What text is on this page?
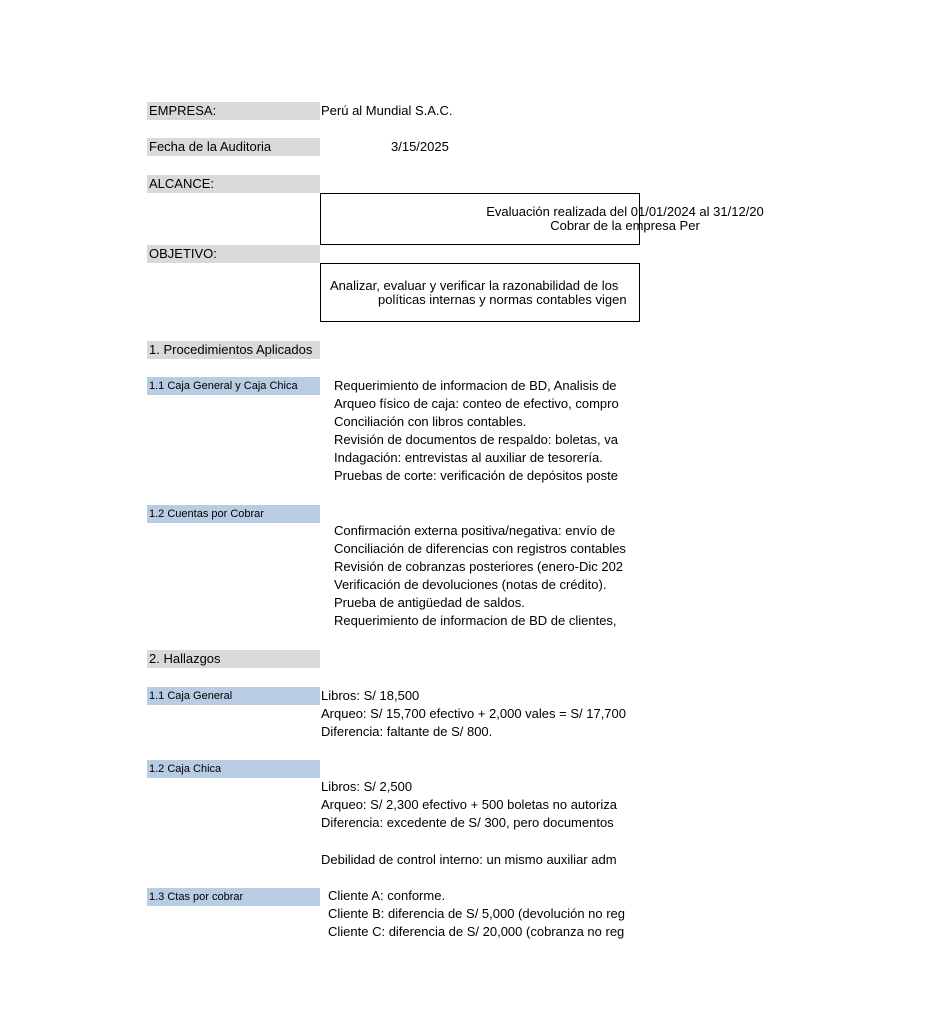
EMPRESA:	Perú al Mundial S.A.C.
Fecha de la Auditoria	3/15/2025
ALCANCE:
Evaluación realizada del 01/01/2024 al 31/12/20
Cobrar de la empresa Per
OBJETIVO:
Analizar, evaluar y verificar la razonabilidad de los
políticas internas y normas contables vigen
1. Procedimientos Aplicados
1.1 Caja General y Caja Chica	Requerimiento de informacion de BD, Analisis de
Arqueo físico de caja: conteo de efectivo, compro
Conciliación con libros contables.
Revisión de documentos de respaldo: boletas, va
Indagación: entrevistas al auxiliar de tesorería.
Pruebas de corte: verificación de depósitos poste
1.2 Cuentas por Cobrar
Confirmación externa positiva/negativa: envío de
Conciliación de diferencias con registros contables
Revisión de cobranzas posteriores (enero-Dic 202
Verificación de devoluciones (notas de crédito).
Prueba de antigüedad de saldos.
Requerimiento de informacion de BD de clientes,
2. Hallazgos
1.1 Caja General	Libros: S/ 18,500
Arqueo: S/ 15,700 efectivo + 2,000 vales = S/ 17,700
Diferencia: faltante de S/ 800.
1.2 Caja Chica
Libros: S/ 2,500
Arqueo: S/ 2,300 efectivo + 500 boletas no autoriza
Diferencia: excedente de S/ 300, pero documentos
Debilidad de control interno: un mismo auxiliar adm
1.3 Ctas por cobrar	Cliente A: conforme.
Cliente B: diferencia de S/ 5,000 (devolución no reg
Cliente C: diferencia de S/ 20,000 (cobranza no reg
